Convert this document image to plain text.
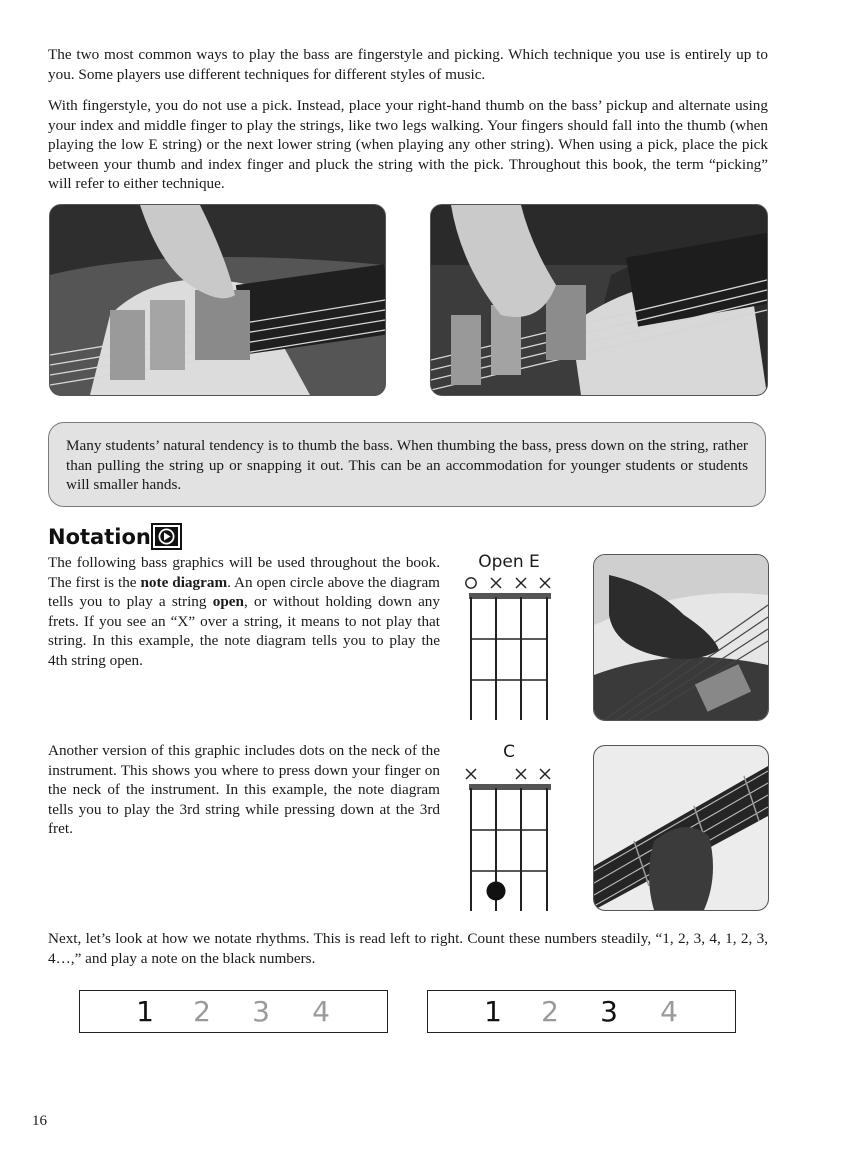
The two most common ways to play the bass are fingerstyle and picking. Which technique you use is entirely up to you. Some players use different techniques for different styles of music.

With fingerstyle, you do not use a pick. Instead, place your right-hand thumb on the bass’ pickup and alternate using your index and middle finger to play the strings, like two legs walking. Your fingers should fall into the thumb (when playing the low E string) or the next lower string (when playing any other string). When using a pick, place the pick between your thumb and index finger and pluck the string with the pick. Throughout this book, the term “picking” will refer to either technique.

Many students’ natural tendency is to thumb the bass. When thumbing the bass, press down on the string, rather than pulling the string up or snapping it out. This can be an accommodation for younger students or students will smaller hands.
Notation

The following bass graphics will be used throughout the book. The first is the note diagram. An open circle above the diagram tells you to play a string open, or without holding down any frets. If you see an “X” over a string, it means to not play that string. In this example, the note diagram tells you to play the 4th string open.

Open E

Another version of this graphic includes dots on the neck of the instrument. This shows you where to press down your finger on the neck of the instrument. In this example, the note diagram tells you to play the 3rd string while pressing down at the 3rd fret.

C

Next, let’s look at how we notate rhythms. This is read left to right. Count these numbers steadily, “1, 2, 3, 4, 1, 2, 3, 4…,” and play a note on the black numbers.

1	2	3	4	1	2	3	4
16
